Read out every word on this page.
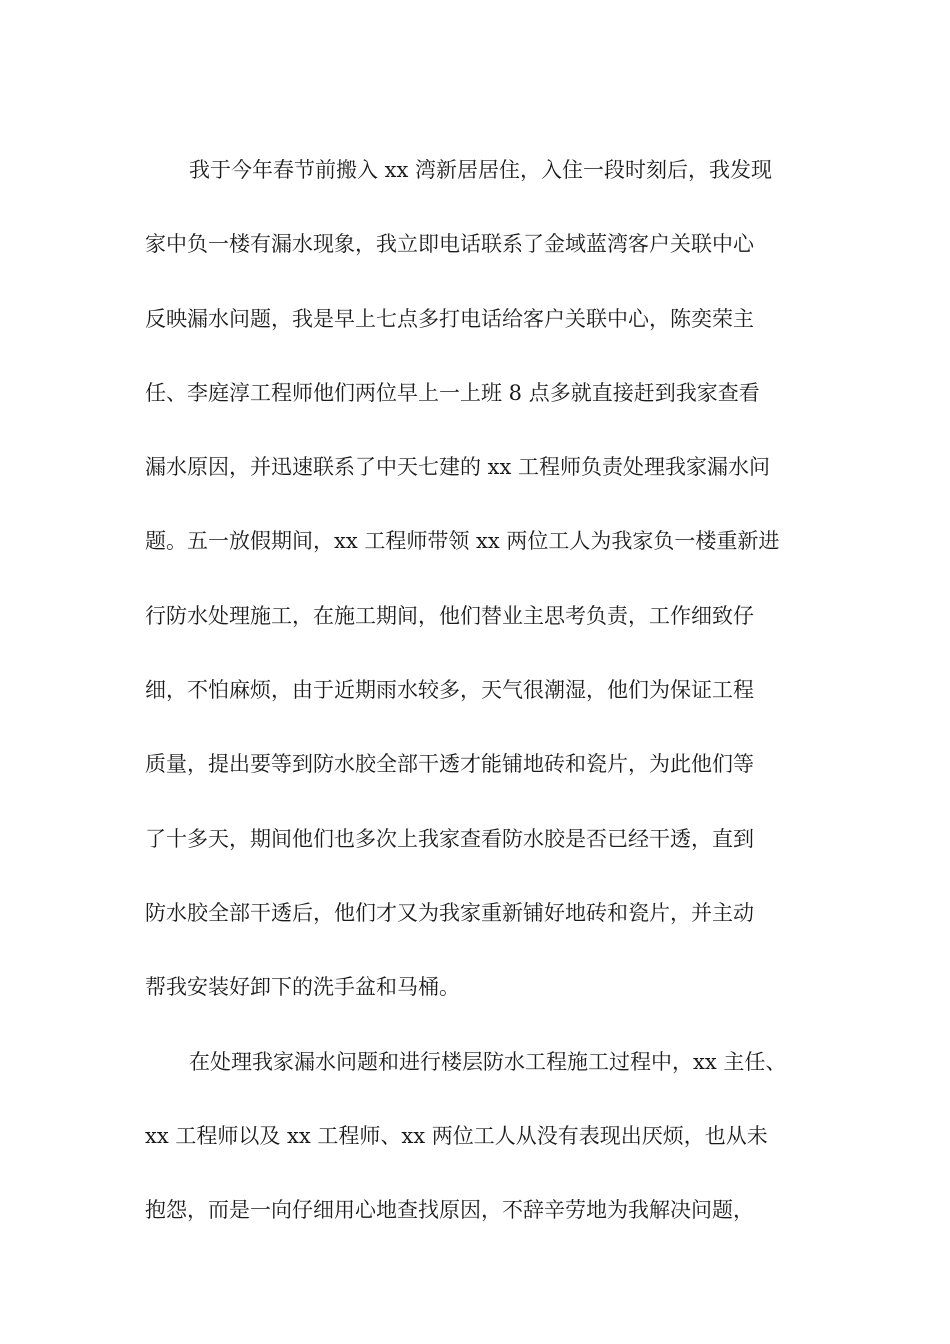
我于今年春节前搬入 xx 湾新居居住，入住一段时刻后，我发现
家中负一楼有漏水现象，我立即电话联系了金域蓝湾客户关联中心
反映漏水问题，我是早上七点多打电话给客户关联中心，陈奕荣主
任、李庭淳工程师他们两位早上一上班 8 点多就直接赶到我家查看
漏水原因，并迅速联系了中天七建的 xx 工程师负责处理我家漏水问
题。五一放假期间，xx 工程师带领 xx 两位工人为我家负一楼重新进
行防水处理施工，在施工期间，他们替业主思考负责，工作细致仔
细，不怕麻烦，由于近期雨水较多，天气很潮湿，他们为保证工程
质量，提出要等到防水胶全部干透才能铺地砖和瓷片，为此他们等
了十多天，期间他们也多次上我家查看防水胶是否已经干透，直到
防水胶全部干透后，他们才又为我家重新铺好地砖和瓷片，并主动
帮我安装好卸下的洗手盆和马桶。
在处理我家漏水问题和进行楼层防水工程施工过程中，xx 主任、
xx 工程师以及 xx 工程师、xx 两位工人从没有表现出厌烦，也从未
抱怨，而是一向仔细用心地查找原因，不辞辛劳地为我解决问题，
